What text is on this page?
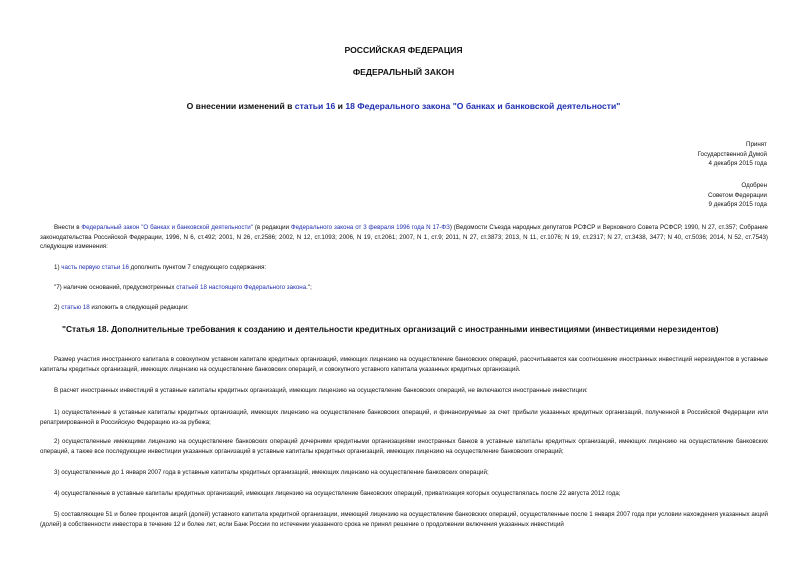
РОССИЙСКАЯ ФЕДЕРАЦИЯ
ФЕДЕРАЛЬНЫЙ ЗАКОН
О внесении изменений в статьи 16 и 18 Федерального закона "О банках и банковской деятельности"
Принят
Государственной Думой
4 декабря 2015 года
Одобрен
Советом Федерации
9 декабря 2015 года
Внести в Федеральный закон "О банках и банковской деятельности" (в редакции Федерального закона от 3 февраля 1996 года N 17-ФЗ) (Ведомости Съезда народных депутатов РСФСР и Верховного Совета РСФСР, 1990, N 27, ст.357; Собрание законодательства Российской Федерации, 1996, N 6, ст.492; 2001, N 26, ст.2586; 2002, N 12, ст.1093; 2006, N 19, ст.2061; 2007, N 1, ст.9; 2011, N 27, ст.3873; 2013, N 11, ст.1076; N 19, ст.2317; N 27, ст.3438, 3477; N 40, ст.5036; 2014, N 52, ст.7543) следующие изменения:
1) часть первую статьи 16 дополнить пунктом 7 следующего содержания:
"7) наличие оснований, предусмотренных статьей 18 настоящего Федерального закона.";
2) статью 18 изложить в следующей редакции:
"Статья 18. Дополнительные требования к созданию и деятельности кредитных организаций с иностранными инвестициями (инвестициями нерезидентов)
Размер участия иностранного капитала в совокупном уставном капитале кредитных организаций, имеющих лицензию на осуществление банковских операций, рассчитывается как соотношение иностранных инвестиций нерезидентов в уставные капиталы кредитных организаций, имеющих лицензию на осуществление банковских операций, и совокупного уставного капитала указанных кредитных организаций.
В расчет иностранных инвестиций в уставные капиталы кредитных организаций, имеющих лицензию на осуществление банковских операций, не включаются иностранные инвестиции:
1) осуществленные в уставные капиталы кредитных организаций, имеющих лицензию на осуществление банковских операций, и финансируемые за счет прибыли указанных кредитных организаций, полученной в Российской Федерации или репатриированной в Российскую Федерацию из-за рубежа;
2) осуществленные имеющими лицензию на осуществление банковских операций дочерними кредитными организациями иностранных банков в уставные капиталы кредитных организаций, имеющих лицензию на осуществление банковских операций, а также все последующие инвестиции указанных организаций в уставные капиталы кредитных организаций, имеющих лицензию на осуществление банковских операций;
3) осуществленные до 1 января 2007 года в уставные капиталы кредитных организаций, имеющих лицензию на осуществление банковских операций;
4) осуществленные в уставные капиталы кредитных организаций, имеющих лицензию на осуществление банковских операций, приватизация которых осуществлялась после 22 августа 2012 года;
5) составляющие 51 и более процентов акций (долей) уставного капитала кредитной организации, имеющей лицензию на осуществление банковских операций, осуществленные после 1 января 2007 года при условии нахождения указанных акций (долей) в собственности инвестора в течение 12 и более лет, если Банк России по истечении указанного срока не принял решение о продолжении включения указанных инвестиций
